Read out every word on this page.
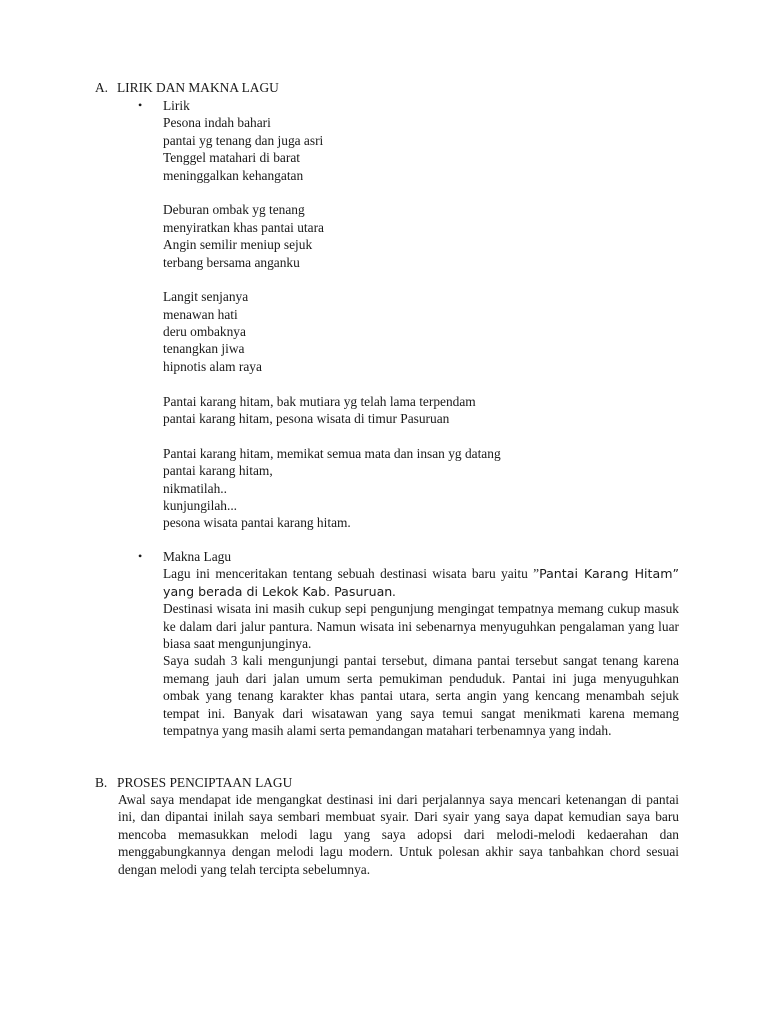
A. LIRIK DAN MAKNA LAGU
•	Lirik
Pesona indah bahari
pantai yg tenang dan juga asri
Tenggel matahari di barat
meninggalkan kehangatan
Deburan ombak yg tenang
menyiratkan khas pantai utara
Angin semilir meniup sejuk
terbang bersama anganku
Langit senjanya
menawan hati
deru ombaknya
tenangkan jiwa
hipnotis alam raya
Pantai karang hitam, bak mutiara yg telah lama terpendam
pantai karang hitam, pesona wisata di timur Pasuruan
Pantai karang hitam, memikat semua mata dan insan yg datang
pantai karang hitam,
nikmatilah..
kunjungilah...
pesona wisata pantai karang hitam.
•	Makna Lagu
Lagu ini menceritakan tentang sebuah destinasi wisata baru yaitu ”Pantai Karang Hitam” yang berada di Lekok Kab. Pasuruan.
Destinasi wisata ini masih cukup sepi pengunjung mengingat tempatnya memang cukup masuk ke dalam dari jalur pantura. Namun wisata ini sebenarnya menyuguhkan pengalaman yang luar biasa saat mengunjunginya.
Saya sudah 3 kali mengunjungi pantai tersebut, dimana pantai tersebut sangat tenang karena memang jauh dari jalan umum serta pemukiman penduduk. Pantai ini juga menyuguhkan ombak yang tenang karakter khas pantai utara, serta angin yang kencang menambah sejuk tempat ini. Banyak dari wisatawan yang saya temui sangat menikmati karena memang tempatnya yang masih alami serta pemandangan matahari terbenamnya yang indah.
B. PROSES PENCIPTAAN LAGU
Awal saya mendapat ide mengangkat destinasi ini dari perjalannya saya mencari ketenangan di pantai ini, dan dipantai inilah saya sembari membuat syair. Dari syair yang saya dapat kemudian saya baru mencoba memasukkan melodi lagu yang saya adopsi dari melodi-melodi kedaerahan dan menggabungkannya dengan melodi lagu modern. Untuk polesan akhir saya tanbahkan chord sesuai dengan melodi yang telah tercipta sebelumnya.
